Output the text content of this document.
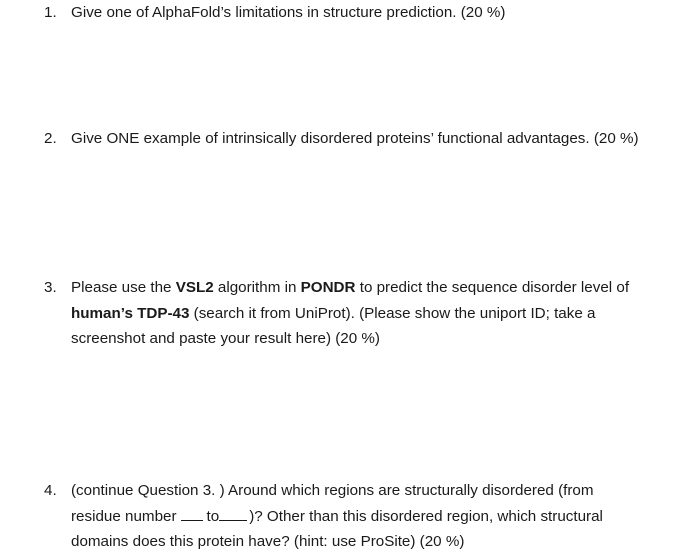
1. Give one of AlphaFold’s limitations in structure prediction. (20 %)
2. Give ONE example of intrinsically disordered proteins’ functional advantages. (20 %)
3. Please use the VSL2 algorithm in PONDR to predict the sequence disorder level of human’s TDP-43 (search it from UniProt). (Please show the uniport ID; take a screenshot and paste your result here) (20 %)
4. (continue Question 3. ) Around which regions are structurally disordered (from residue number to )? Other than this disordered region, which structural domains does this protein have? (hint: use ProSite) (20 %)
